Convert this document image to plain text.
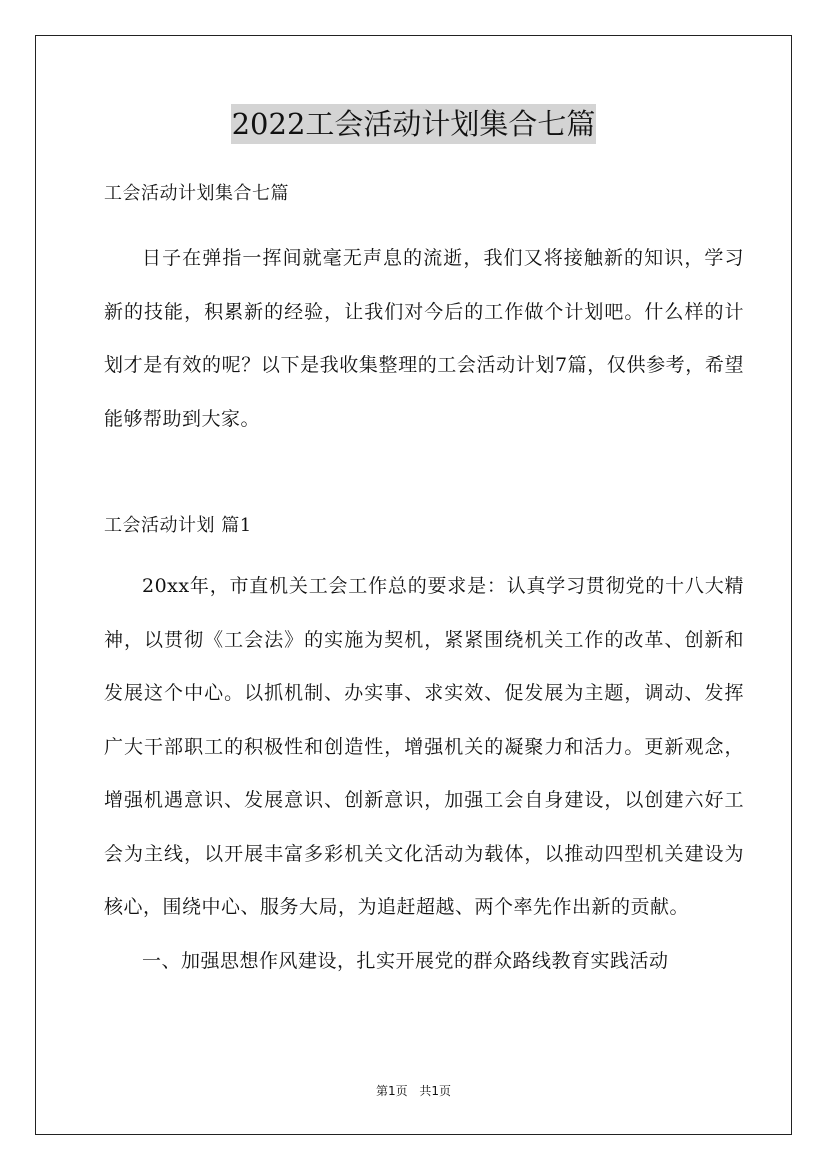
2022工会活动计划集合七篇

工会活动计划集合七篇

日子在弹指一挥间就毫无声息的流逝，我们又将接触新的知识，学习新的技能，积累新的经验，让我们对今后的工作做个计划吧。什么样的计划才是有效的呢？以下是我收集整理的工会活动计划7篇，仅供参考，希望能够帮助到大家。

工会活动计划 篇1

20xx年，市直机关工会工作总的要求是：认真学习贯彻党的十八大精神，以贯彻《工会法》的实施为契机，紧紧围绕机关工作的改革、创新和发展这个中心。以抓机制、办实事、求实效、促发展为主题，调动、发挥广大干部职工的积极性和创造性，增强机关的凝聚力和活力。更新观念，增强机遇意识、发展意识、创新意识，加强工会自身建设，以创建六好工会为主线，以开展丰富多彩机关文化活动为载体，以推动四型机关建设为核心，围绕中心、服务大局，为追赶超越、两个率先作出新的贡献。

一、加强思想作风建设，扎实开展党的群众路线教育实践活动

第1页 共1页
